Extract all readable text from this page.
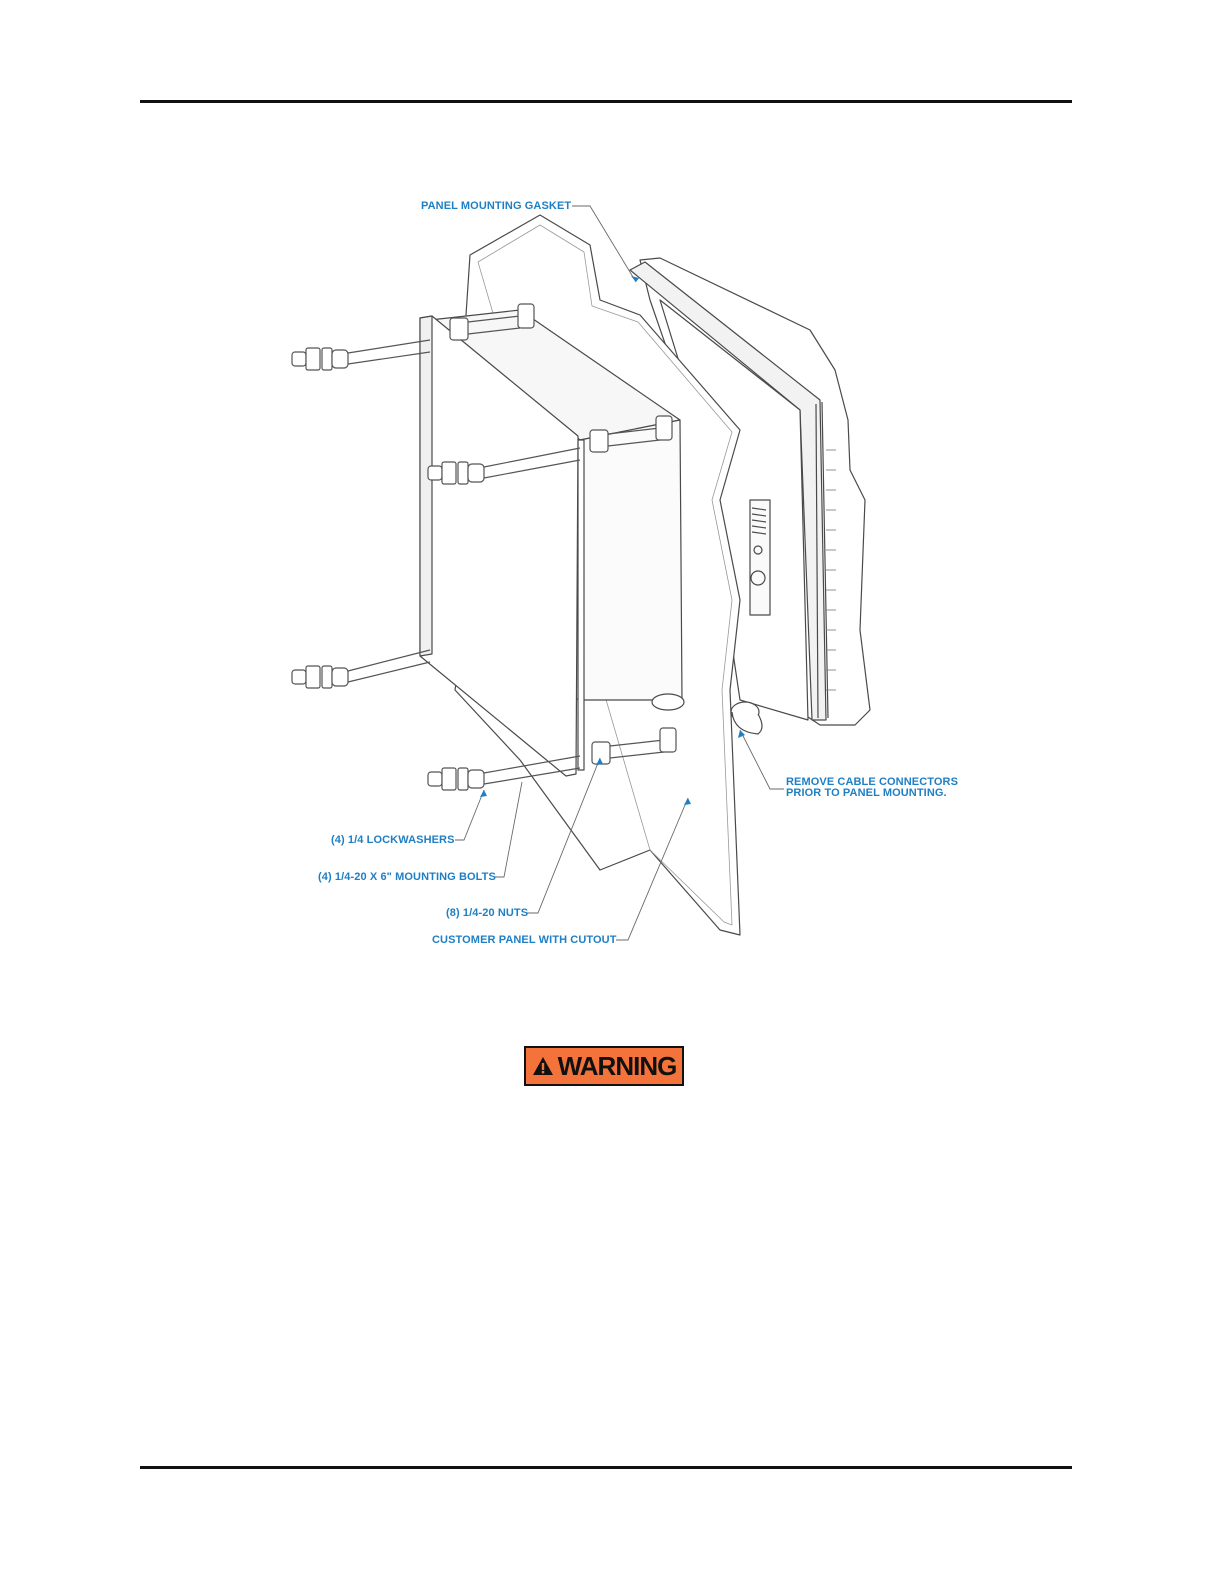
PANEL MOUNTING GASKET
REMOVE CABLE CONNECTORS
PRIOR TO PANEL MOUNTING.
(4) 1/4 LOCKWASHERS
(4) 1/4-20 X 6" MOUNTING BOLTS
(8) 1/4-20 NUTS
CUSTOMER PANEL WITH CUTOUT
WARNING
